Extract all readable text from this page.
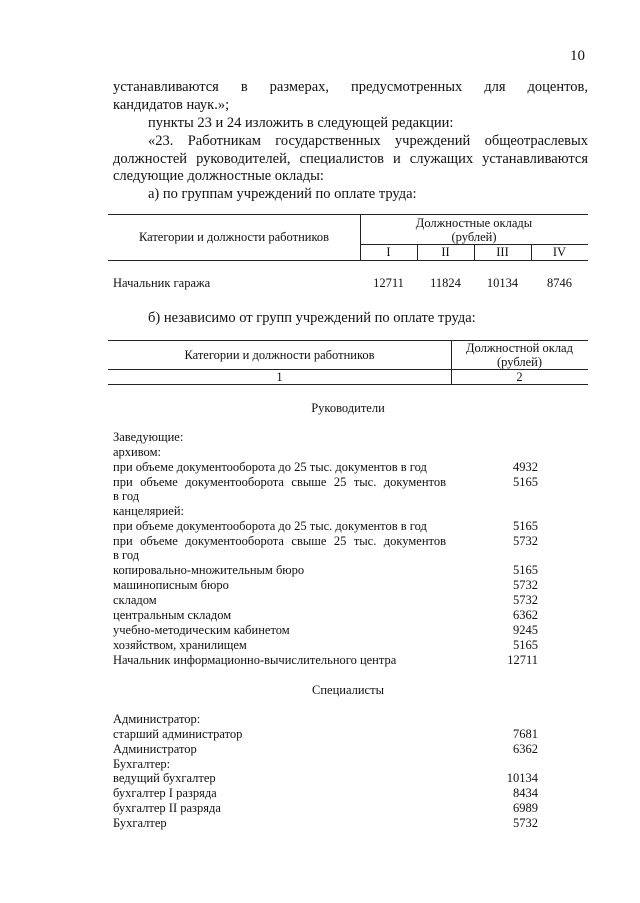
10
устанавливаются в размерах, предусмотренных для доцентов,
кандидатов наук.»;
пункты 23 и 24 изложить в следующей редакции:
«23. Работникам государственных учреждений общеотраслевых
должностей руководителей, специалистов и служащих устанавливаются
следующие должностные оклады:
а) по группам учреждений по оплате труда:
Категории и должности работников
Должностные оклады
(рублей)
I	II	III	IV
Начальник гаража	12711	11824	10134	8746
б) независимо от групп учреждений по оплате труда:
Категории и должности работников	Должностной оклад
(рублей)
1	2
Руководители
Заведующие:
архивом:
при объеме документооборота до 25 тыс. документов в год	4932
при объеме документооборота свыше 25 тыс. документов	5165
в год
канцелярией:
при объеме документооборота до 25 тыс. документов в год	5165
при объеме документооборота свыше 25 тыс. документов	5732
в год
копировально-множительным бюро	5165
машинописным бюро	5732
складом	5732
центральным складом	6362
учебно-методическим кабинетом	9245
хозяйством, хранилищем	5165
Начальник информационно-вычислительного центра	12711
Специалисты
Администратор:
старший администратор	7681
Администратор	6362
Бухгалтер:
ведущий бухгалтер	10134
бухгалтер I разряда	8434
бухгалтер II разряда	6989
Бухгалтер	5732
